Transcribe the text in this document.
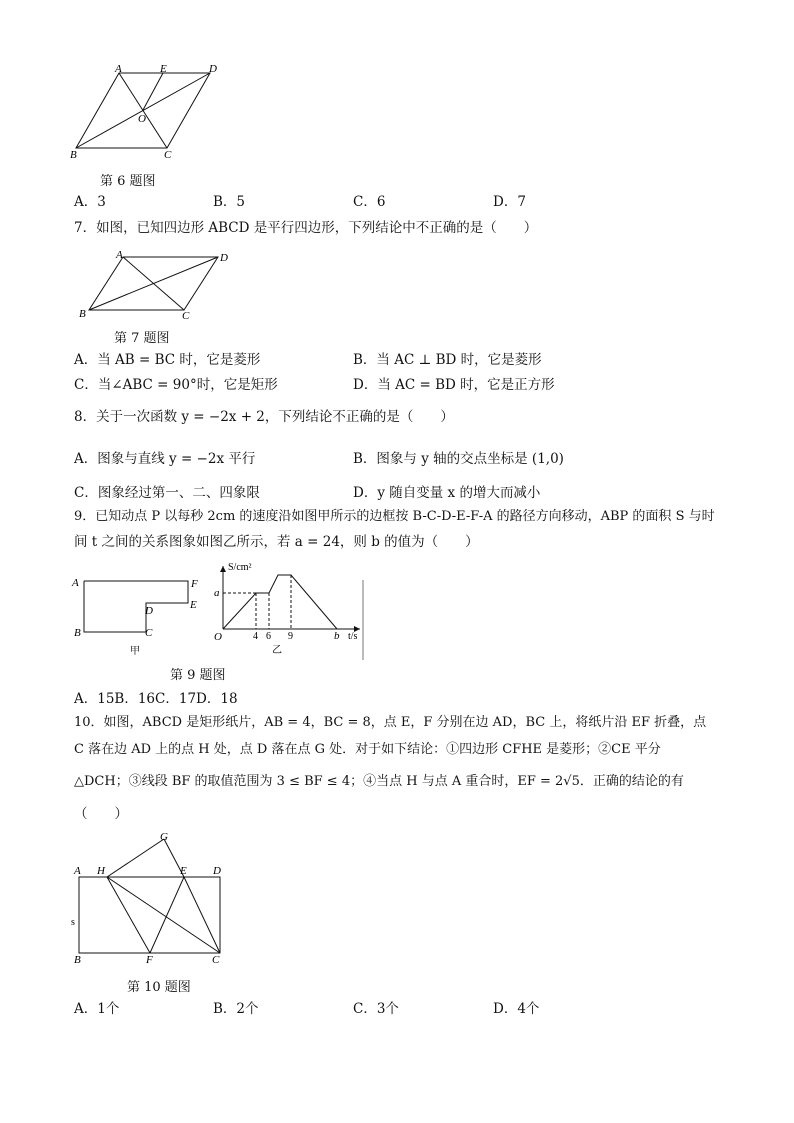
A	E	D
O
B	C
第 6 题图
A．3	B．5	C．6	D．7
7．如图，已知四边形 ABCD 是平行四边形，下列结论中不正确的是（　　）
A	D
B	C
第 7 题图
A．当 AB = BC 时，它是菱形	B．当 AC ⊥ BD 时，它是菱形
C．当∠ABC = 90°时，它是矩形	D．当 AC = BD 时，它是正方形
8．关于一次函数 y = −2x + 2，下列结论不正确的是（　　）
A．图象与直线 y = −2x 平行	B．图象与 y 轴的交点坐标是 (1,0)
C．图象经过第一、二、四象限	D．y 随自变量 x 的增大而减小
9．已知动点 P 以每秒 2cm 的速度沿如图甲所示的边框按 B-C-D-E-F-A 的路径方向移动，ABP 的面积 S 与时
间 t 之间的关系图象如图乙所示，若 a = 24，则 b 的值为（　　）
A	F
E
D
B	C
甲
S/cm²
a
O	4 6 9	b t/s
乙
第 9 题图
A．15B．16C．17D．18
10．如图，ABCD 是矩形纸片，AB = 4，BC = 8，点 E，F 分别在边 AD，BC 上，将纸片沿 EF 折叠，点
C 落在边 AD 上的点 H 处，点 D 落在点 G 处．对于如下结论：①四边形 CFHE 是菱形；②CE 平分
△DCH；③线段 BF 的取值范围为 3 ≤ BF ≤ 4；④当点 H 与点 A 重合时，EF = 2√5．正确的结论的有
（　　）
G
A H	E D
s
B	F	C
第 10 题图
A．1个	B．2个	C．3个	D．4个
